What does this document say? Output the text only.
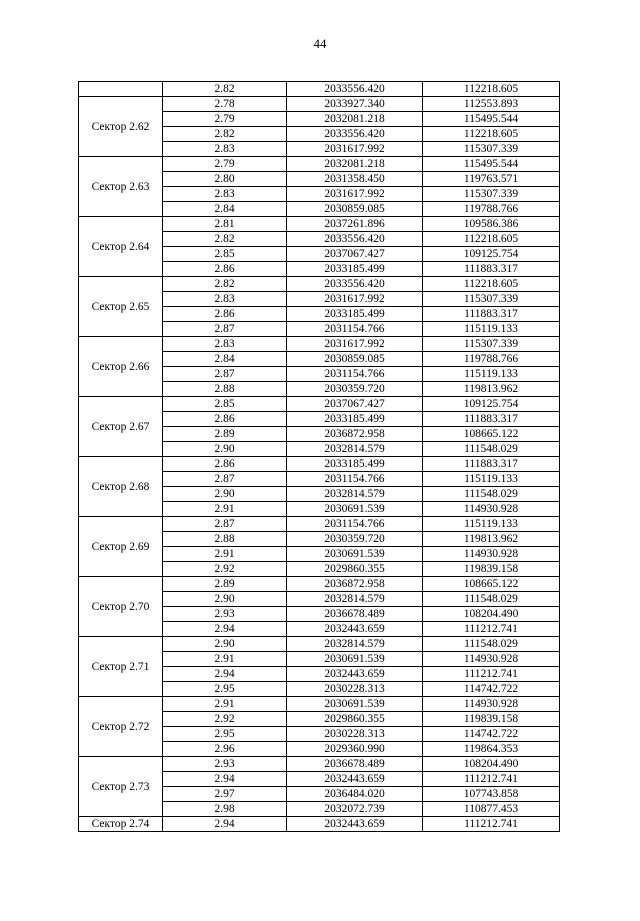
44
	2.82	2033556.420	112218.605
Сектор 2.62	2.78	2033927.340	112553.893
	2.79	2032081.218	115495.544
	2.82	2033556.420	112218.605
	2.83	2031617.992	115307.339
Сектор 2.63	2.79	2032081.218	115495.544
	2.80	2031358.450	119763.571
	2.83	2031617.992	115307.339
	2.84	2030859.085	119788.766
Сектор 2.64	2.81	2037261.896	109586.386
	2.82	2033556.420	112218.605
	2.85	2037067.427	109125.754
	2.86	2033185.499	111883.317
Сектор 2.65	2.82	2033556.420	112218.605
	2.83	2031617.992	115307.339
	2.86	2033185.499	111883.317
	2.87	2031154.766	115119.133
Сектор 2.66	2.83	2031617.992	115307.339
	2.84	2030859.085	119788.766
	2.87	2031154.766	115119.133
	2.88	2030359.720	119813.962
Сектор 2.67	2.85	2037067.427	109125.754
	2.86	2033185.499	111883.317
	2.89	2036872.958	108665.122
	2.90	2032814.579	111548.029
Сектор 2.68	2.86	2033185.499	111883.317
	2.87	2031154.766	115119.133
	2.90	2032814.579	111548.029
	2.91	2030691.539	114930.928
Сектор 2.69	2.87	2031154.766	115119.133
	2.88	2030359.720	119813.962
	2.91	2030691.539	114930.928
	2.92	2029860.355	119839.158
Сектор 2.70	2.89	2036872.958	108665.122
	2.90	2032814.579	111548.029
	2.93	2036678.489	108204.490
	2.94	2032443.659	111212.741
Сектор 2.71	2.90	2032814.579	111548.029
	2.91	2030691.539	114930.928
	2.94	2032443.659	111212.741
	2.95	2030228.313	114742.722
Сектор 2.72	2.91	2030691.539	114930.928
	2.92	2029860.355	119839.158
	2.95	2030228.313	114742.722
	2.96	2029360.990	119864.353
Сектор 2.73	2.93	2036678.489	108204.490
	2.94	2032443.659	111212.741
	2.97	2036484.020	107743.858
	2.98	2032072.739	110877.453
Сектор 2.74	2.94	2032443.659	111212.741
